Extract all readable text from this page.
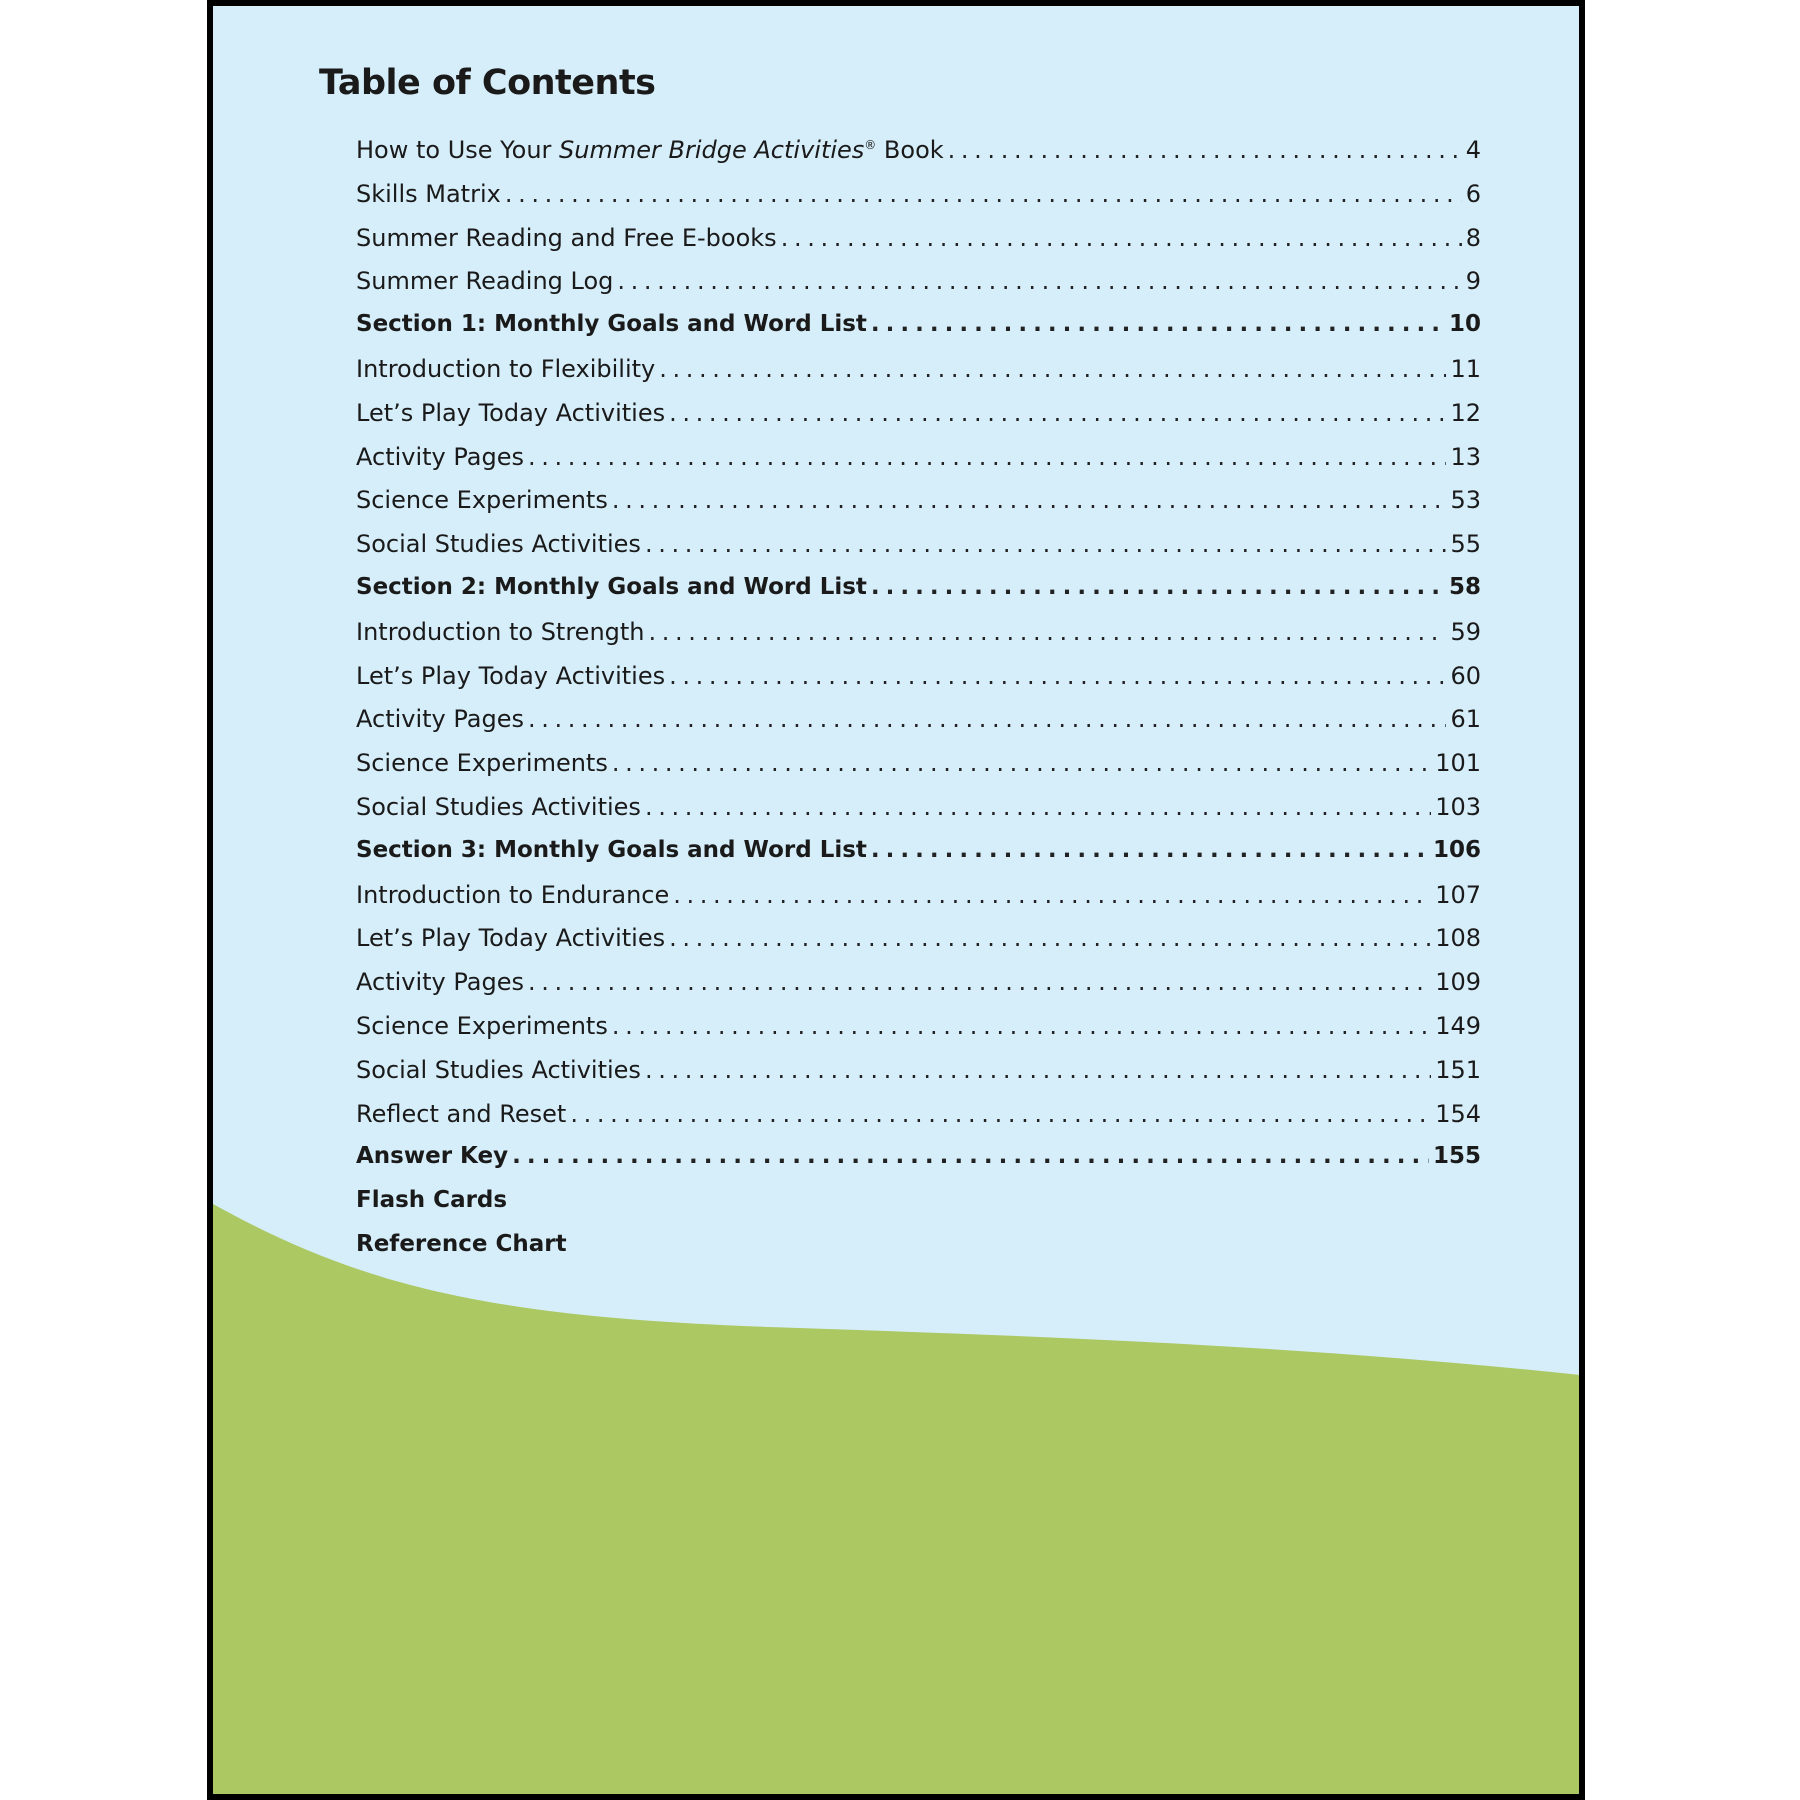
Table of Contents
How to Use Your Summer Bridge Activities® Book . . .	4
Skills Matrix . . .	6
Summer Reading and Free E-books . . .	8
Summer Reading Log . . .	9
Section 1: Monthly Goals and Word List . . .	10
Introduction to Flexibility . . .	11
Let’s Play Today Activities . . .	12
Activity Pages . . .	13
Science Experiments . . .	53
Social Studies Activities . . .	55
Section 2: Monthly Goals and Word List . . .	58
Introduction to Strength . . .	59
Let’s Play Today Activities . . .	60
Activity Pages . . .	61
Science Experiments . . .	101
Social Studies Activities . . .	103
Section 3: Monthly Goals and Word List . . .	106
Introduction to Endurance . . .	107
Let’s Play Today Activities . . .	108
Activity Pages . . .	109
Science Experiments . . .	149
Social Studies Activities . . .	151
Reflect and Reset . . .	154
Answer Key . . .	155
Flash Cards
Reference Chart
